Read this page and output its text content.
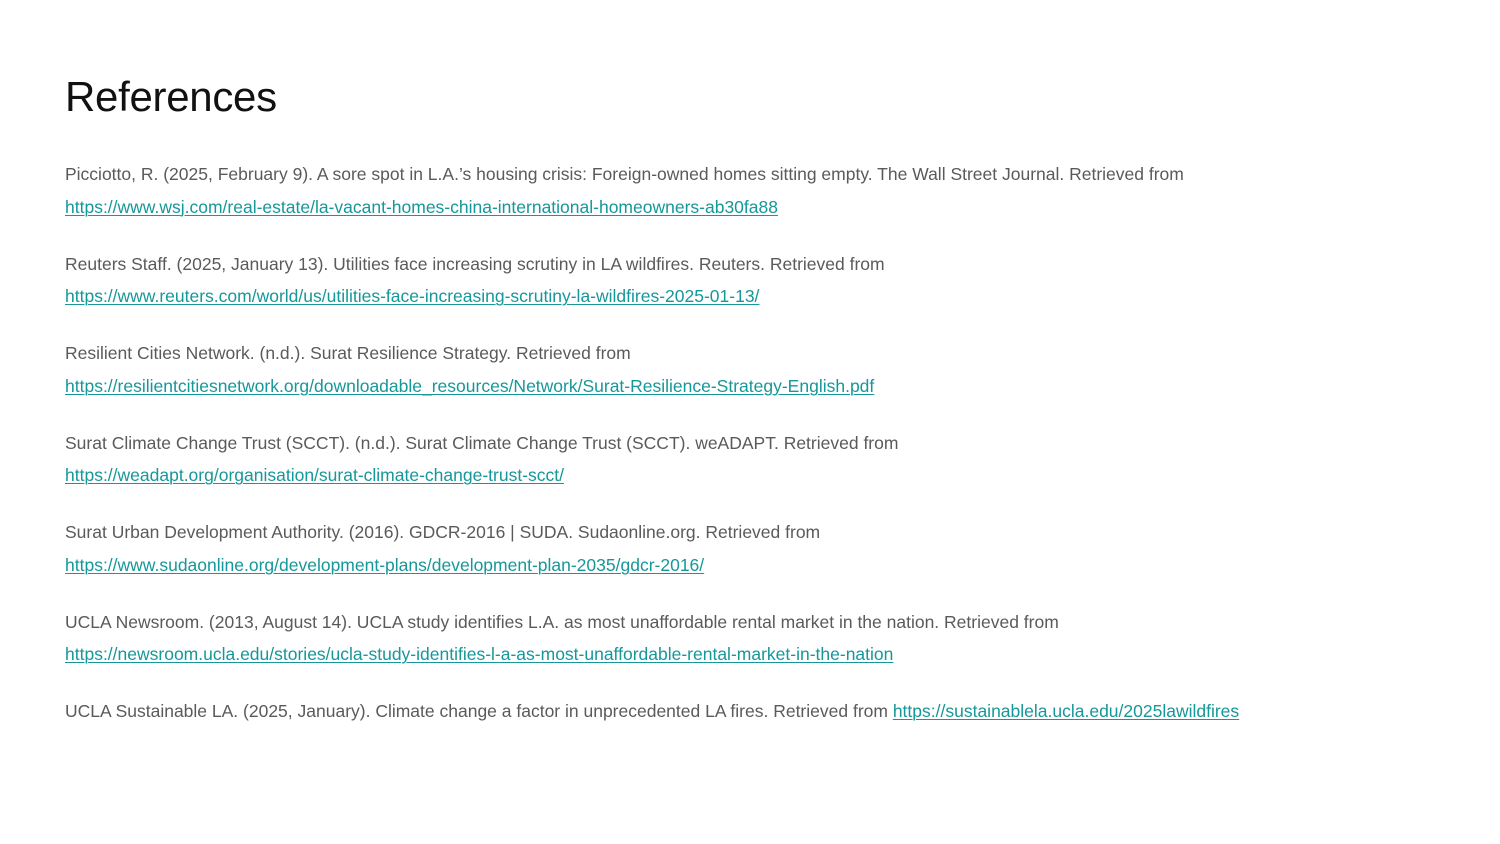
References

Picciotto, R. (2025, February 9). A sore spot in L.A.’s housing crisis: Foreign-owned homes sitting empty. The Wall Street Journal. Retrieved from
https://www.wsj.com/real-estate/la-vacant-homes-china-international-homeowners-ab30fa88

Reuters Staff. (2025, January 13). Utilities face increasing scrutiny in LA wildfires. Reuters. Retrieved from
https://www.reuters.com/world/us/utilities-face-increasing-scrutiny-la-wildfires-2025-01-13/

Resilient Cities Network. (n.d.). Surat Resilience Strategy. Retrieved from
https://resilientcitiesnetwork.org/downloadable_resources/Network/Surat-Resilience-Strategy-English.pdf

Surat Climate Change Trust (SCCT). (n.d.). Surat Climate Change Trust (SCCT). weADAPT. Retrieved from
https://weadapt.org/organisation/surat-climate-change-trust-scct/

Surat Urban Development Authority. (2016). GDCR-2016 | SUDA. Sudaonline.org. Retrieved from
https://www.sudaonline.org/development-plans/development-plan-2035/gdcr-2016/

UCLA Newsroom. (2013, August 14). UCLA study identifies L.A. as most unaffordable rental market in the nation. Retrieved from
https://newsroom.ucla.edu/stories/ucla-study-identifies-l-a-as-most-unaffordable-rental-market-in-the-nation

UCLA Sustainable LA. (2025, January). Climate change a factor in unprecedented LA fires. Retrieved from https://sustainablela.ucla.edu/2025lawildfires
